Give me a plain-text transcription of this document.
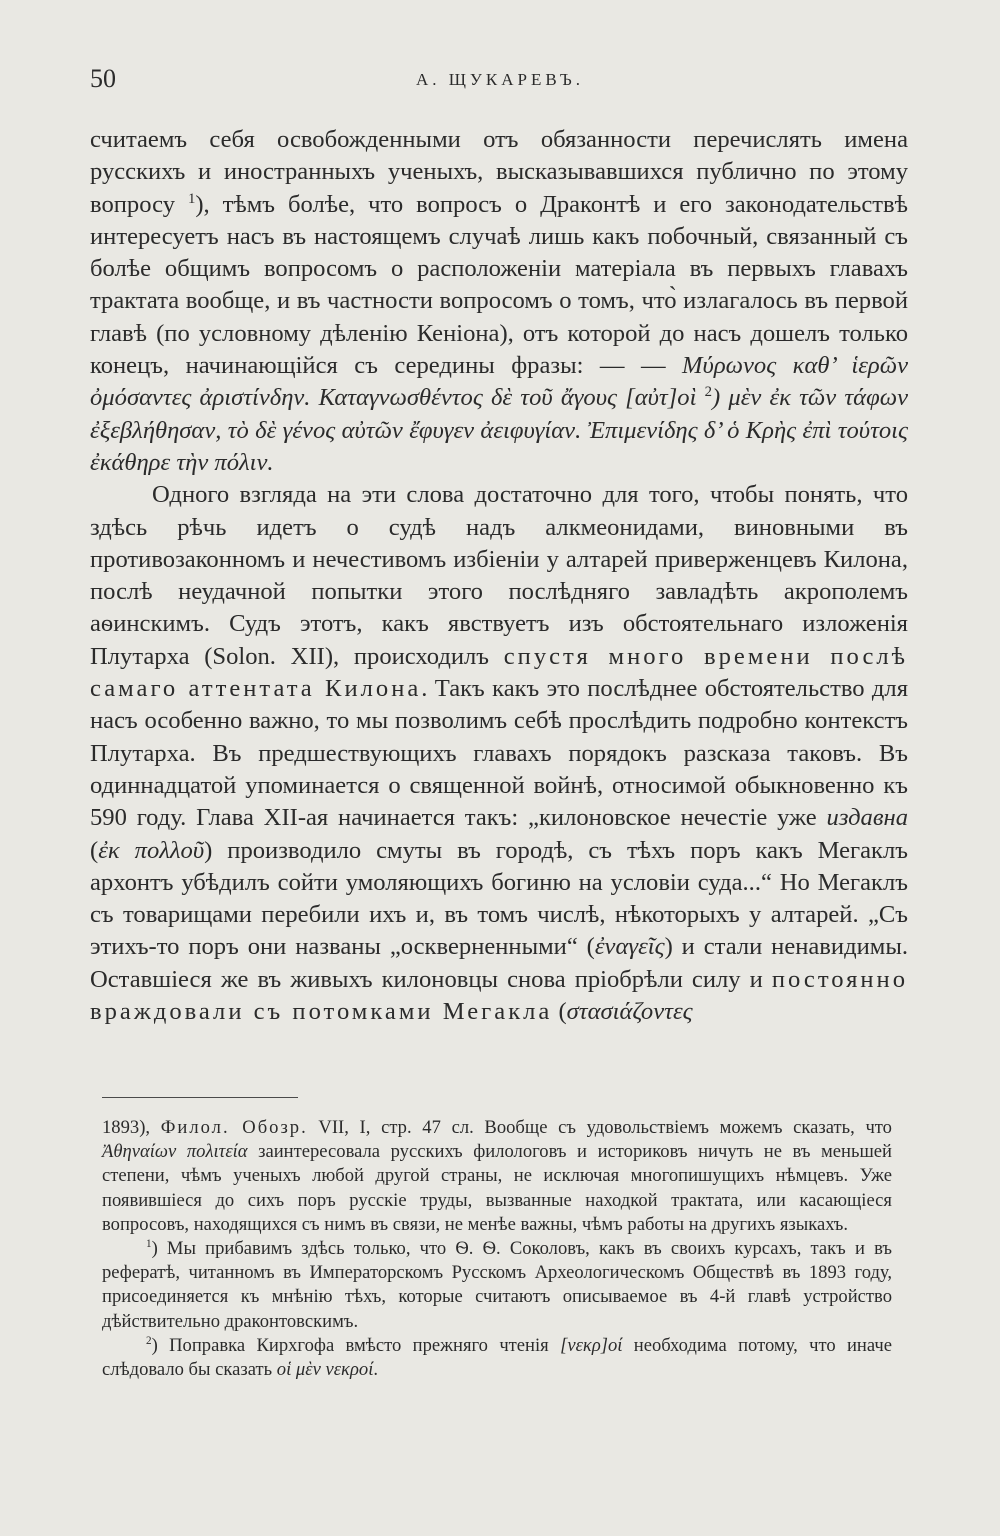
50	А. ЩУКАРЕВЪ.

считаемъ себя освобожденными отъ обязанности перечислять имена русскихъ и иностранныхъ ученыхъ, высказывавшихся публично по этому вопросу $^1$), тѣмъ болѣе, что вопросъ о Драконтѣ и его законодательствѣ интересуетъ насъ въ настоящемъ случаѣ лишь какъ побочный, связанный съ болѣе общимъ вопросомъ о расположеніи матеріала въ первыхъ главахъ трактата вообще, и въ частности вопросомъ о томъ, что̀ излагалось въ первой главѣ (по условному дѣленію Кеніона), отъ которой до насъ дошелъ только конецъ, начинающійся съ середины фразы: — — Μύρωνος καθ’ ἱερῶν ὀμόσαντες ἀριστίνδην. Καταγνωσθέντος δὲ τοῦ ἄγους [αὐτ]οὶ $^2$) μὲν ἐκ τῶν τάφων ἐξεβλήθησαν, τὸ δὲ γένος αὐτῶν ἔφυγεν ἀειφυγίαν. Ἐπιμενίδης δ’ ὁ Κρὴς ἐπὶ τούτοις ἐκάθηρε τὴν πόλιν.

Одного взгляда на эти слова достаточно для того, чтобы понять, что здѣсь рѣчь идетъ о судѣ надъ алкмеонидами, виновными въ противозаконномъ и нечестивомъ избіеніи у алтарей приверженцевъ Килона, послѣ неудачной попытки этого послѣдняго завладѣть акрополемъ аѳинскимъ. Судъ этотъ, какъ явствуетъ изъ обстоятельнаго изложенія Плутарха (Solon. XII), происходилъ спустя много времени послѣ самаго аттентата Килона. Такъ какъ это послѣднее обстоятельство для насъ особенно важно, то мы позволимъ себѣ прослѣдить подробно контекстъ Плутарха. Въ предшествующихъ главахъ порядокъ разсказа таковъ. Въ одиннадцатой упоминается о священной войнѣ, относимой обыкновенно къ 590 году. Глава XII-ая начинается такъ: „килоновское нечестіе уже издавна (ἐκ πολλοῦ) производило смуты въ городѣ, съ тѣхъ поръ какъ Мегаклъ архонтъ убѣдилъ сойти умоляющихъ богиню на условіи суда...“ Но Мегаклъ съ товарищами перебили ихъ и, въ томъ числѣ, нѣкоторыхъ у алтарей. „Съ этихъ-то поръ они названы „оскверненными“ (ἐναγεῖς) и стали ненавидимы. Оставшіеся же въ живыхъ килоновцы снова пріобрѣли силу и постоянно враждовали съ потомками Мегакла (στασιάζοντες

1893), Филол. Обозр. VII, I, стр. 47 сл. Вообще съ удовольствіемъ можемъ сказать, что Ἀθηναίων πολιτεία заинтересовала русскихъ филологовъ и историковъ ничуть не въ меньшей степени, чѣмъ ученыхъ любой другой страны, не исключая многопишущихъ нѣмцевъ. Уже появившіеся до сихъ поръ русскіе труды, вызванные находкой трактата, или касающіеся вопросовъ, находящихся съ нимъ въ связи, не менѣе важны, чѣмъ работы на другихъ языкахъ.

$^1$) Мы прибавимъ здѣсь только, что Ѳ. Ѳ. Соколовъ, какъ въ своихъ курсахъ, такъ и въ рефератѣ, читанномъ въ Императорскомъ Русскомъ Археологическомъ Обществѣ въ 1893 году, присоединяется къ мнѣнію тѣхъ, которые считаютъ описываемое въ 4-й главѣ устройство дѣйствительно драконтовскимъ.

$^2$) Поправка Кирхгофа вмѣсто прежняго чтенія [νεκρ]οί необходима потому, что иначе слѣдовало бы сказать οἱ μὲν νεκροί.
